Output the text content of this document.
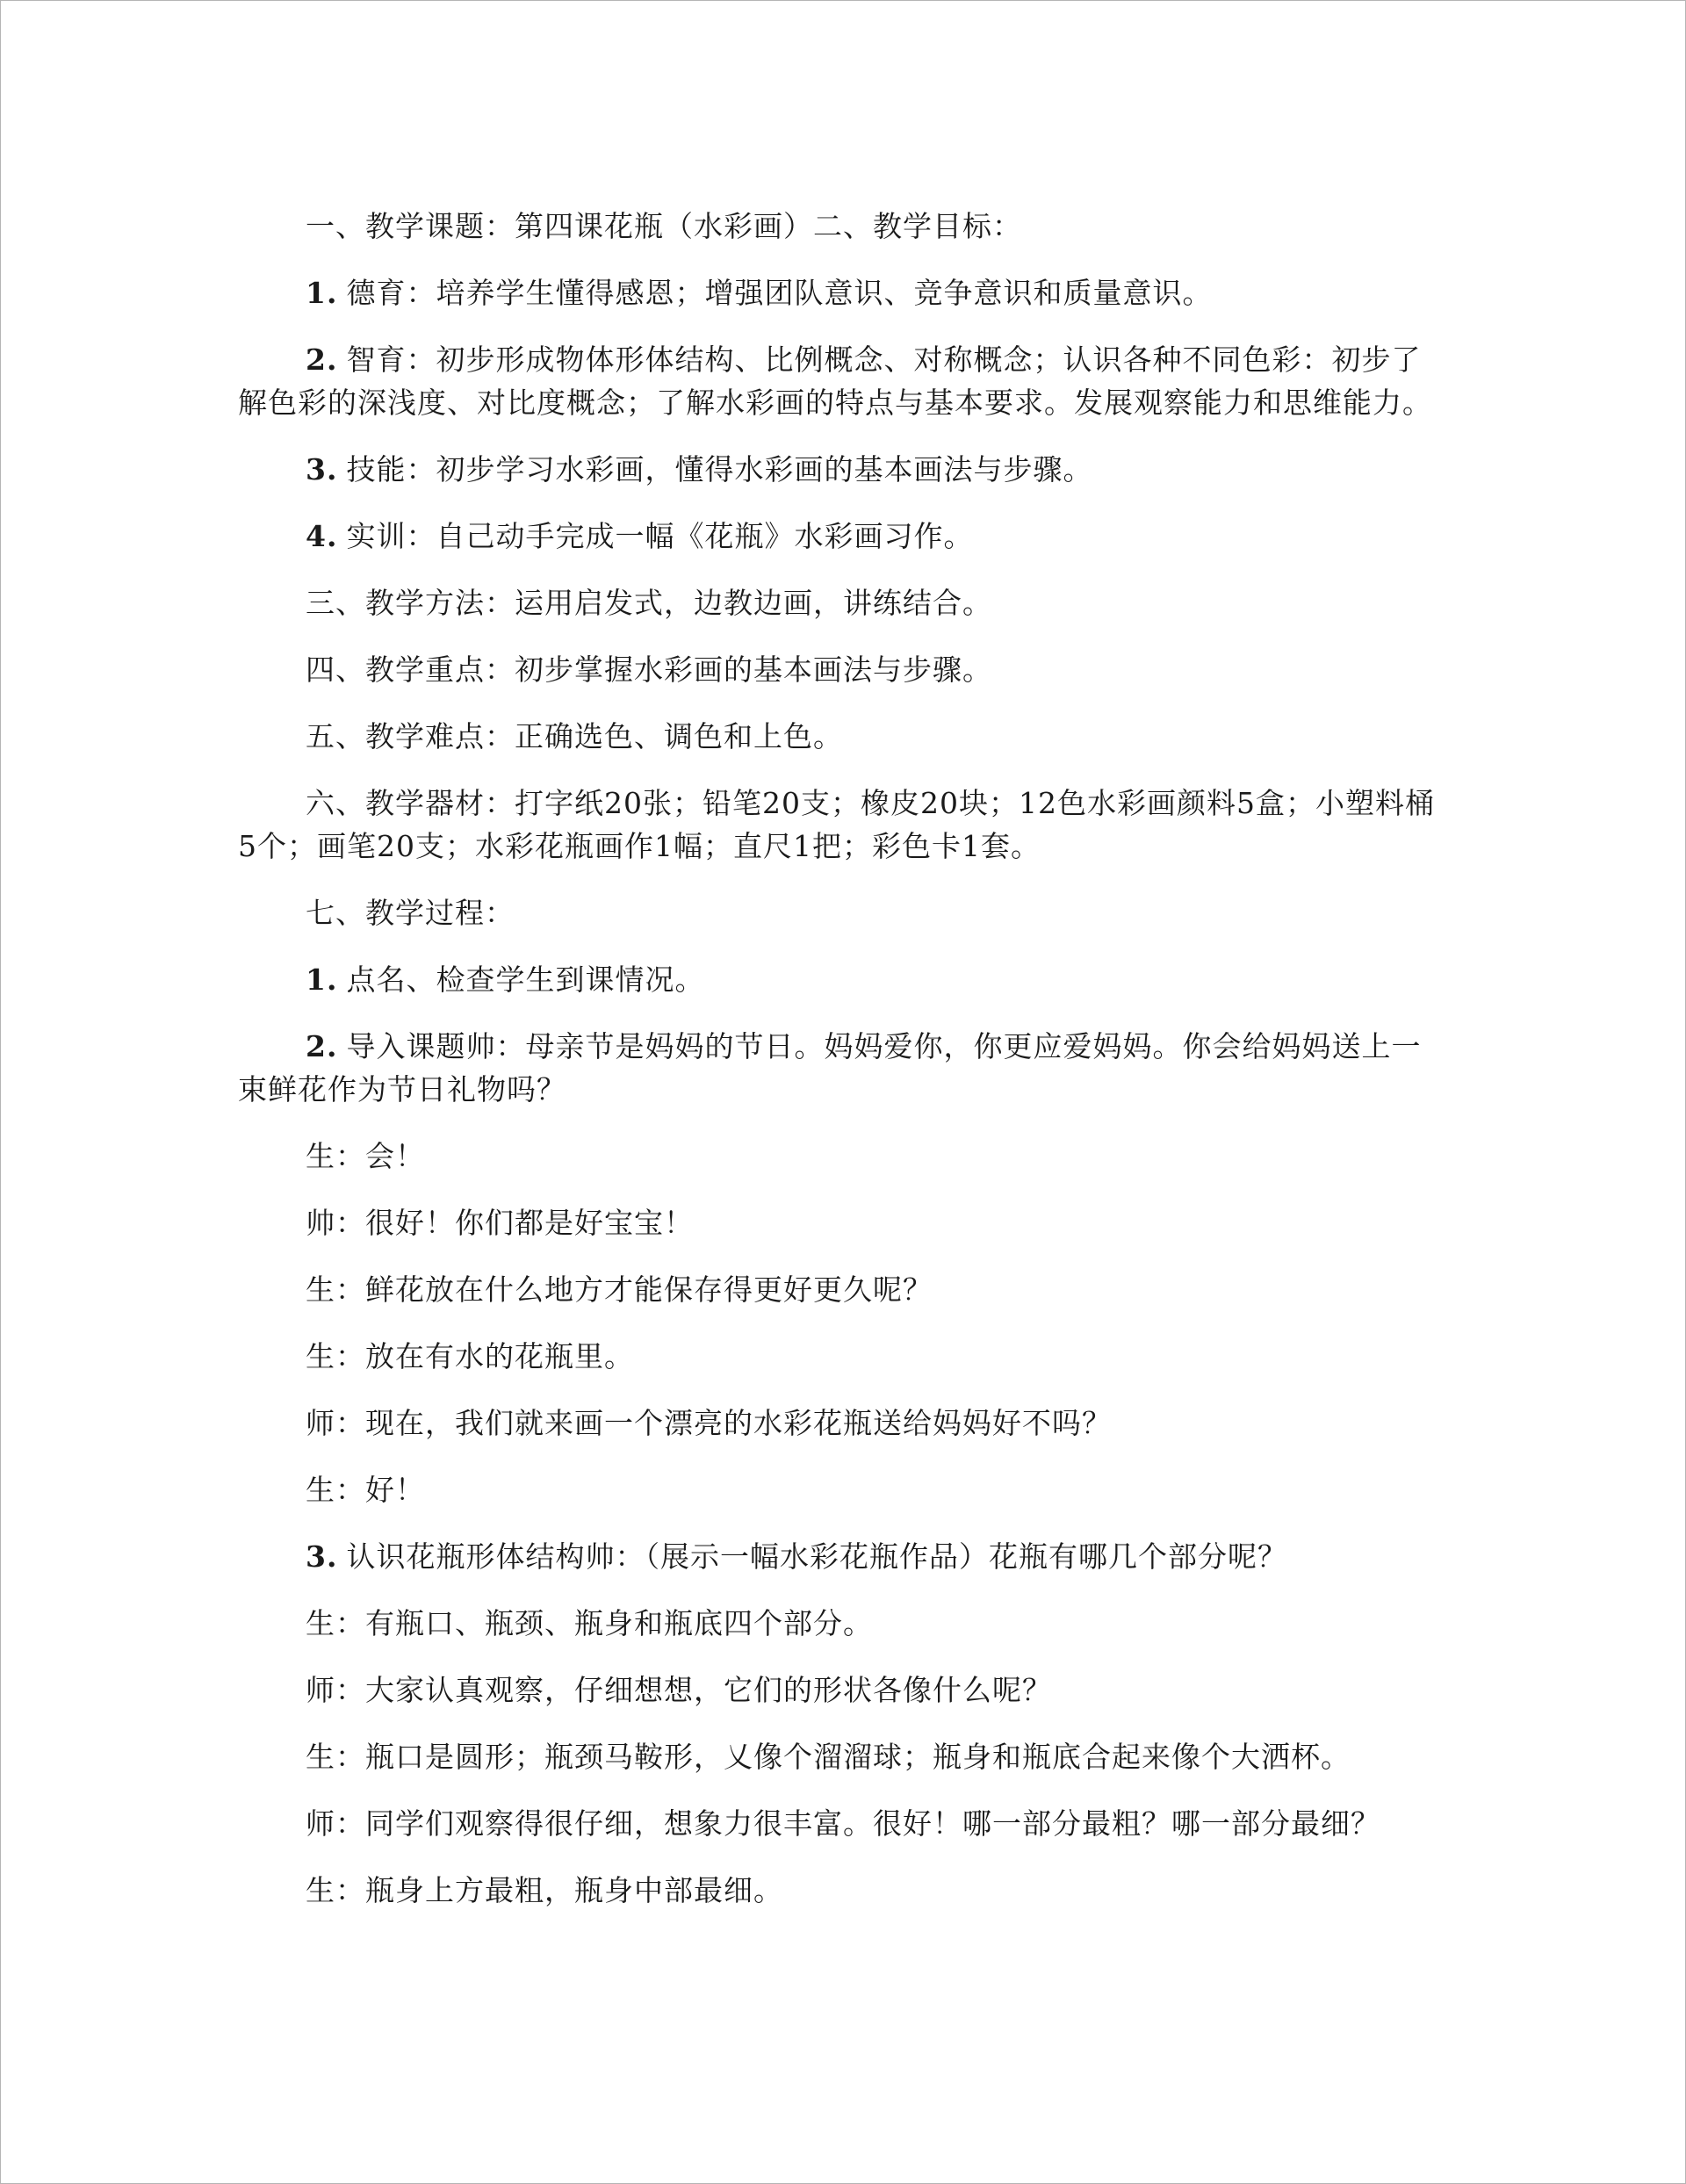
一、教学课题：第四课花瓶（水彩画）二、教学目标：

1. 德育：培养学生懂得感恩；增强团队意识、竞争意识和质量意识。

2. 智育：初步形成物体形体结构、比例概念、对称概念；认识各种不同色彩：初步了解色彩的深浅度、对比度概念；了解水彩画的特点与基本要求。发展观察能力和思维能力。

3. 技能：初步学习水彩画，懂得水彩画的基本画法与步骤。

4. 实训：自己动手完成一幅《花瓶》水彩画习作。

三、教学方法：运用启发式，边教边画，讲练结合。

四、教学重点：初步掌握水彩画的基本画法与步骤。

五、教学难点：正确选色、调色和上色。

六、教学器材：打字纸20张；铅笔20支；橡皮20块；12色水彩画颜料5盒；小塑料桶5个；画笔20支；水彩花瓶画作1幅；直尺1把；彩色卡1套。

七、教学过程：

1. 点名、检查学生到课情况。

2. 导入课题帅：母亲节是妈妈的节日。妈妈爱你，你更应爱妈妈。你会给妈妈送上一束鲜花作为节日礼物吗？

生：会！

帅：很好！你们都是好宝宝！

生：鲜花放在什么地方才能保存得更好更久呢？

生：放在有水的花瓶里。

师：现在，我们就来画一个漂亮的水彩花瓶送给妈妈好不吗？

生：好！

3. 认识花瓶形体结构帅：（展示一幅水彩花瓶作品）花瓶有哪几个部分呢？

生：有瓶口、瓶颈、瓶身和瓶底四个部分。

师：大家认真观察，仔细想想，它们的形状各像什么呢？

生：瓶口是圆形；瓶颈马鞍形，乂像个溜溜球；瓶身和瓶底合起来像个大洒杯。

师：同学们观察得很仔细，想象力很丰富。很好！哪一部分最粗？哪一部分最细？

生：瓶身上方最粗，瓶身中部最细。
